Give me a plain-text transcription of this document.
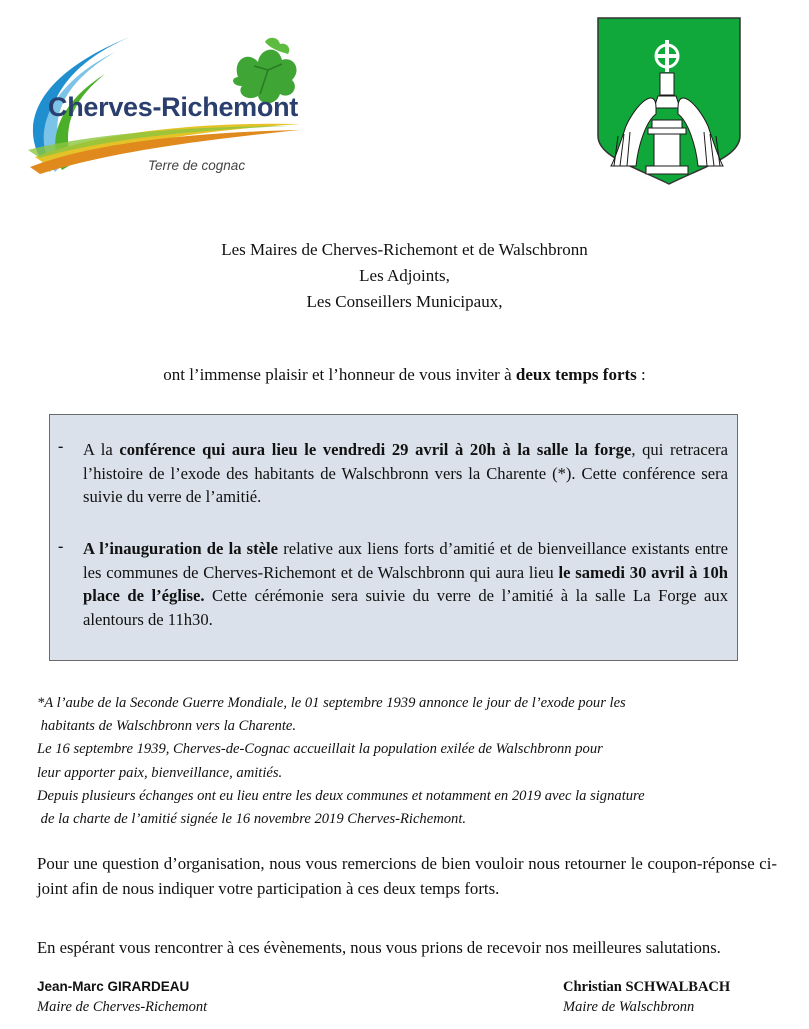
Cherves-Richemont
Terre de cognac
Les Maires de Cherves-Richemont et de Walschbronn
Les Adjoints,
Les Conseillers Municipaux,
ont l’immense plaisir et l’honneur de vous inviter à deux temps forts :
- A la conférence qui aura lieu le vendredi 29 avril à 20h à la salle la forge, qui retracera l’histoire de l’exode des habitants de Walschbronn vers la Charente (*). Cette conférence sera suivie du verre de l’amitié.
- A l’inauguration de la stèle relative aux liens forts d’amitié et de bienveillance existants entre les communes de Cherves-Richemont et de Walschbronn qui aura lieu le samedi 30 avril à 10h place de l’église. Cette cérémonie sera suivie du verre de l’amitié à la salle La Forge aux alentours de 11h30.
*A l’aube de la Seconde Guerre Mondiale, le 01 septembre 1939 annonce le jour de l’exode pour les
habitants de Walschbronn vers la Charente.
Le 16 septembre 1939, Cherves-de-Cognac accueillait la population exilée de Walschbronn pour
leur apporter paix, bienveillance, amitiés.
Depuis plusieurs échanges ont eu lieu entre les deux communes et notamment en 2019 avec la signature
de la charte de l’amitié signée le 16 novembre 2019 Cherves-Richemont.
Pour une question d’organisation, nous vous remercions de bien vouloir nous retourner le coupon-réponse ci-joint afin de nous indiquer votre participation à ces deux temps forts.
En espérant vous rencontrer à ces évènements, nous vous prions de recevoir nos meilleures salutations.
Jean-Marc GIRARDEAU
Maire de Cherves-Richemont
Christian SCHWALBACH
Maire de Walschbronn
